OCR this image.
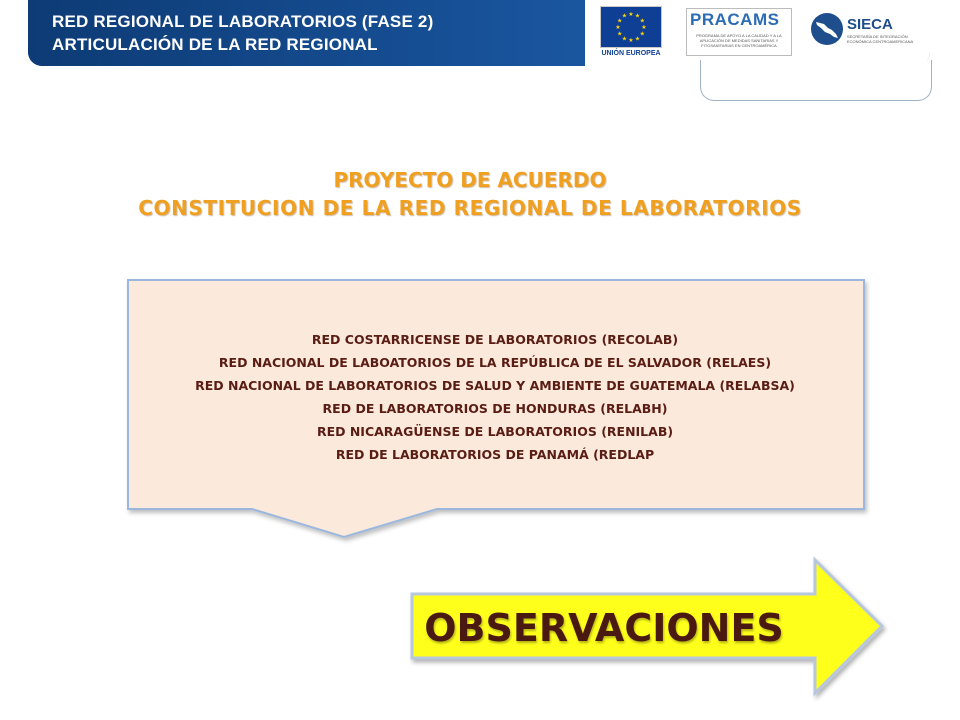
RED REGIONAL DE LABORATORIOS (FASE 2)
ARTICULACIÓN DE LA RED REGIONAL
★
★
★
★
★
★
★
★
★ ★ ★
★
UNIÓN EUROPEA
PRACAMS
PROGRAMA DE APOYO A LA CALIDAD Y A LA APLICACIÓN DE MEDIDAS SANITARIAS Y FITOSANITARIAS EN CENTROAMÉRICA
SIECA
SECRETARÍA DE INTEGRACIÓN ECONÓMICA CENTROAMERICANA
PROYECTO DE ACUERDO
CONSTITUCION DE LA RED REGIONAL DE LABORATORIOS
RED COSTARRICENSE DE LABORATORIOS (RECOLAB)
RED NACIONAL DE LABOATORIOS DE LA REPÚBLICA DE EL SALVADOR (RELAES)
RED NACIONAL DE LABORATORIOS DE SALUD Y AMBIENTE DE GUATEMALA (RELABSA)
RED DE LABORATORIOS DE HONDURAS (RELABH)
RED NICARAGÜENSE DE LABORATORIOS (RENILAB)
RED DE LABORATORIOS DE PANAMÁ (REDLAP
OBSERVACIONES
